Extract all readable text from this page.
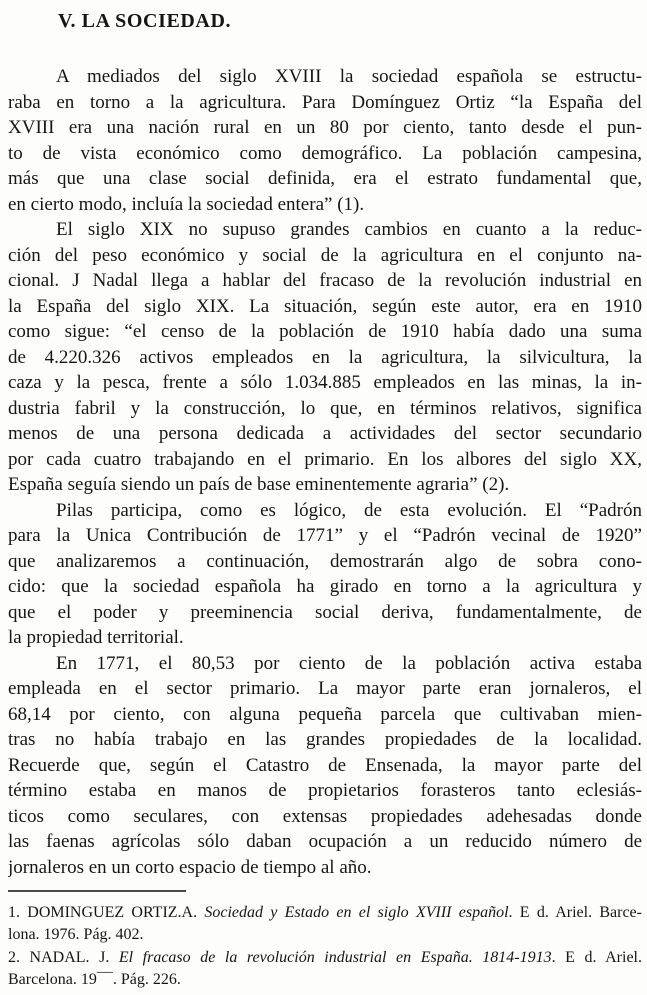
V. LA SOCIEDAD.
A mediados del siglo XVIII la sociedad española se estructu-
raba en torno a la agricultura. Para Domínguez Ortiz “la España del
XVIII era una nación rural en un 80 por ciento, tanto desde el pun-
to de vista económico como demográfico. La población campesina,
más que una clase social definida, era el estrato fundamental que,
en cierto modo, incluía la sociedad entera” (1).
El siglo XIX no supuso grandes cambios en cuanto a la reduc-
ción del peso económico y social de la agricultura en el conjunto na-
cional. J Nadal llega a hablar del fracaso de la revolución industrial en
la España del siglo XIX. La situación, según este autor, era en 1910
como sigue: “el censo de la población de 1910 había dado una suma
de 4.220.326 activos empleados en la agricultura, la silvicultura, la
caza y la pesca, frente a sólo 1.034.885 empleados en las minas, la in-
dustria fabril y la construcción, lo que, en términos relativos, significa
menos de una persona dedicada a actividades del sector secundario
por cada cuatro trabajando en el primario. En los albores del siglo XX,
España seguía siendo un país de base eminentemente agraria” (2).
Pilas participa, como es lógico, de esta evolución. El “Padrón
para la Unica Contribución de 1771” y el “Padrón vecinal de 1920”
que analizaremos a continuación, demostrarán algo de sobra cono-
cido: que la sociedad española ha girado en torno a la agricultura y
que el poder y preeminencia social deriva, fundamentalmente, de
la propiedad territorial.
En 1771, el 80,53 por ciento de la población activa estaba
empleada en el sector primario. La mayor parte eran jornaleros, el
68,14 por ciento, con alguna pequeña parcela que cultivaban mien-
tras no había trabajo en las grandes propiedades de la localidad.
Recuerde que, según el Catastro de Ensenada, la mayor parte del
término estaba en manos de propietarios forasteros tanto eclesiás-
ticos como seculares, con extensas propiedades adehesadas donde
las faenas agrícolas sólo daban ocupación a un reducido número de
jornaleros en un corto espacio de tiempo al año.
1. DOMINGUEZ ORTIZ.A. Sociedad y Estado en el siglo XVIII español. E d. Ariel. Barce-
lona. 1976. Pág. 402.
2. NADAL. J. El fracaso de la revolución industrial en España. 1814-1913. E d. Ariel.
Barcelona. 19¯¯. Pág. 226.
